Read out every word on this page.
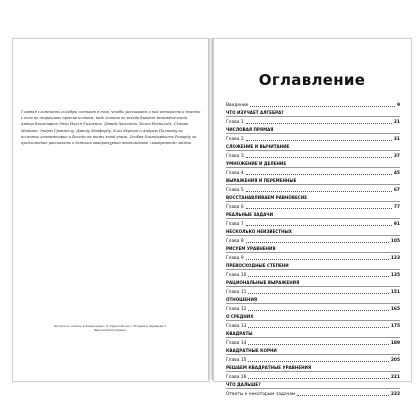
Главная сложность алгебры состоит в том, чтобы рассказать о ней интересно и вместе с тем не погрешить против истины, ведь истина не всегда бывает занимательной. Автор благодарит Энди Ноэля Уильямса, Дэвида Хайлэнда, Хелен Рейнольдс, Сьюзан Монаган, Эндрю Грингейлу, Дэвиду Мэнфорду, Хлоэ Бертон и Андрею Полякову за полезные комментарии и беседы на темы этой книги. Особая благодарность Ричарду за предложение рассказать о детской квадратурной неевклидовой «квадратной» задаче.
Цитата из «Алисы в Зазеркалье» Л. Кэрролла на с. 55 дана в переводе Т. Щепкиной-Куперник.
Оглавление
Введение	9
ЧТО ИЗУЧАЕТ АЛГЕБРА?
Глава 1	21
ЧИСЛОВАЯ ПРЯМАЯ
Глава 2	31
СЛОЖЕНИЕ И ВЫЧИТАНИЕ
Глава 3	37
УМНОЖЕНИЕ И ДЕЛЕНИЕ
Глава 4	45
ВЫРАЖЕНИЯ И ПЕРЕМЕННЫЕ
Глава 5	67
ВОССТАНАВЛИВАЕМ РАВНОВЕСИЕ
Глава 6	77
РЕАЛЬНЫЕ ЗАДАЧИ
Глава 7	91
НЕСКОЛЬКО НЕИЗВЕСТНЫХ
Глава 8	105
РИСУЕМ УРАВНЕНИЯ
Глава 9	123
ПРЕВОСХОДНЫЕ СТЕПЕНИ
Глава 10	135
РАЦИОНАЛЬНЫЕ ВЫРАЖЕНИЯ
Глава 11	151
ОТНОШЕНИЯ
Глава 12	165
О СРЕДНИХ
Глава 13	175
КВАДРАТЫ
Глава 14	189
КВАДРАТНЫЕ КОРНИ
Глава 15	205
РЕШАЕМ КВАДРАТНЫЕ УРАВНЕНИЯ
Глава 16	221
ЧТО ДАЛЬШЕ?
Ответы к некоторым задачам	232
